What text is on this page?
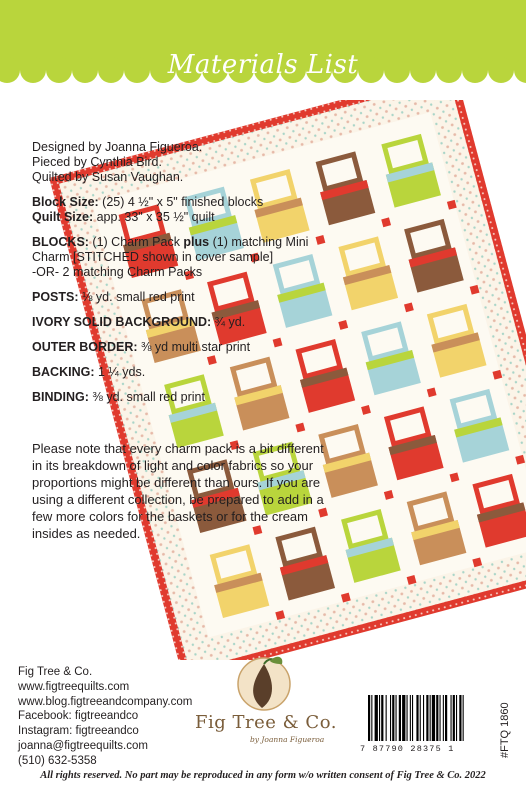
Materials List

Designed by Joanna Figueroa.

Pieced by Cynthia Bird.

Quilted by Susan Vaughan.

Block Size: (25) 4 ½" x 5" finished blocks

Quilt Size: app. 33" x 35 ½" quilt

BLOCKS: (1) Charm Pack plus (1) matching Mini Charm [STITCHED shown in cover sample]

-OR- 2 matching Charm Packs

POSTS: ⅛ yd. small red print

IVORY SOLID BACKGROUND: ¾ yd.

OUTER BORDER: ⅜ yd multi star print

BACKING: 1 ¼ yds.

BINDING: ⅜ yd. small red print

Please note that every charm pack is a bit different in its breakdown of light and color fabrics so your proportions might be different than ours. If you are using a different collection, be prepared to add in a few more colors for the baskets or for the cream insides as needed.
Fig Tree & Co.
www.figtreequilts.com
www.blog.figtreeandcompany.com
Facebook: figtreeandco
Instagram: figtreeandco
joanna@figtreequilts.com
(510) 632-5358
Fig Tree & Co.
by Joanna Figueroa
7 87790 28375 1	#FTQ 1860
All rights reserved. No part may be reproduced in any form w/o written consent of Fig Tree & Co. 2022
